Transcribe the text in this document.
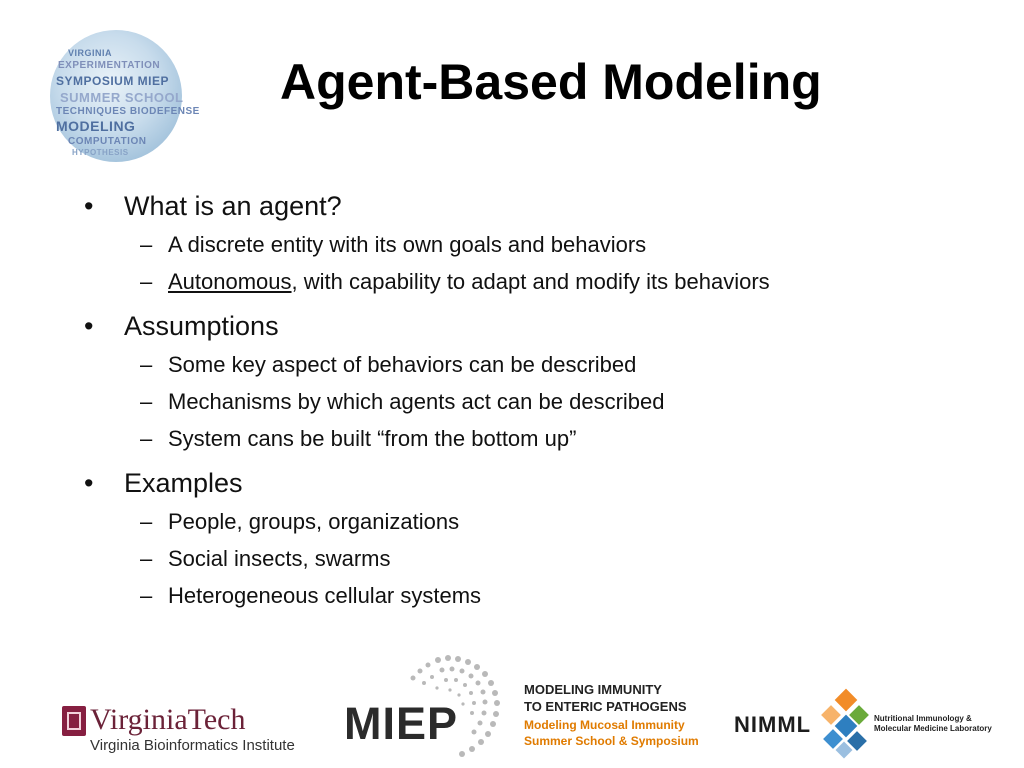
VIRGINIA
EXPERIMENTATION
SYMPOSIUM MIEP
SUMMER SCHOOL
TECHNIQUES BIODEFENSE
MODELING
COMPUTATION
HYPOTHESIS
Agent-Based Modeling
• What is an agent?
– A discrete entity with its own goals and behaviors
– Autonomous, with capability to adapt and modify its behaviors
• Assumptions
– Some key aspect of behaviors can be described
– Mechanisms by which agents act can be described
– System cans be built “from the bottom up”
• Examples
– People, groups, organizations
– Social insects, swarms
– Heterogeneous cellular systems
VirginiaTech
Virginia Bioinformatics Institute MIEP
MODELING IMMUNITY
TO ENTERIC PATHOGENS
Modeling Mucosal Immunity
Summer School & Symposium
NIMML	Nutritional Immunology &
Molecular Medicine Laboratory
